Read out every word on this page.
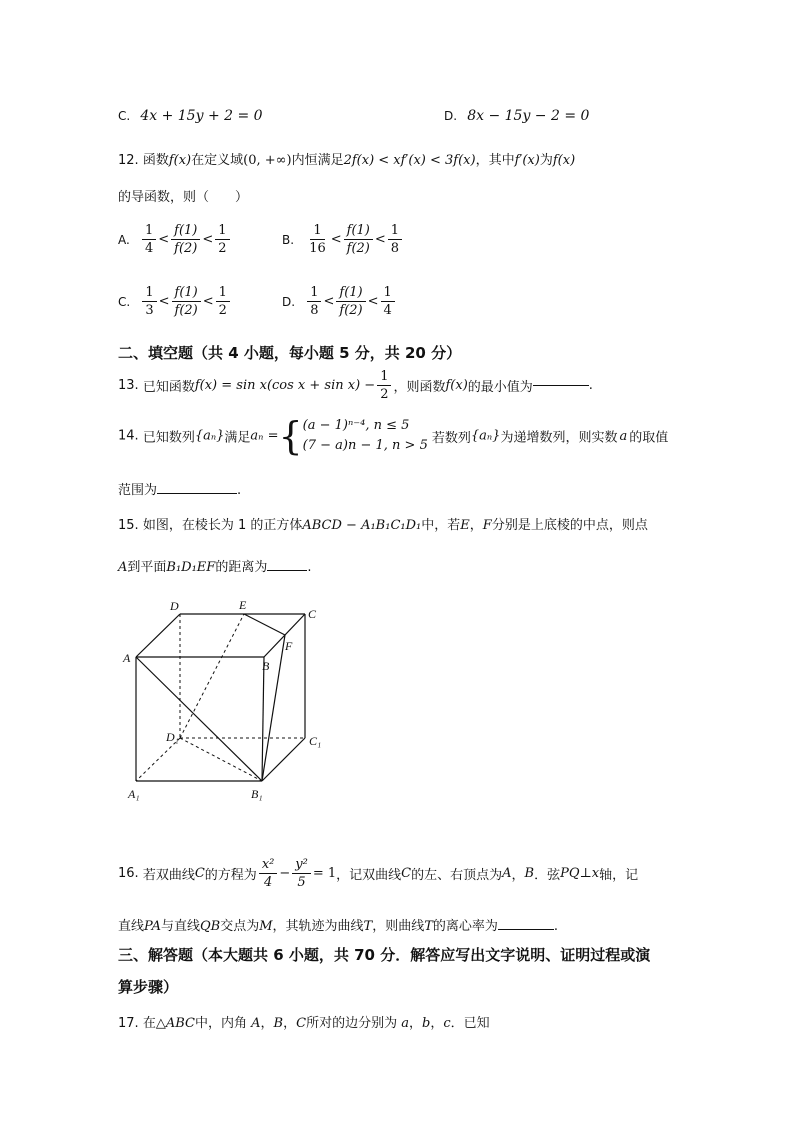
C. 4x + 15y + 2 = 0	D. 8x − 15y − 2 = 0
12. 函数f(x)在定义域(0, +∞)内恒满足2f(x) < xf′(x) < 3f(x)，其中f′(x)为f(x)
的导函数，则（　　）
A. $\frac{1}{4} < \frac{f(1)}{f(2)} < \frac{1}{2}$	B. $\frac{1}{16} < \frac{f(1)}{f(2)} < \frac{1}{8}$
C. $\frac{1}{3} < \frac{f(1)}{f(2)} < \frac{1}{2}$	D. $\frac{1}{8} < \frac{f(1)}{f(2)} < \frac{1}{4}$
二、填空题（共 4 小题，每小题 5 分，共 20 分）
13. 已知函数f(x) = sin x(cos $x + \sin x) - \frac{1}{2}$ ，则函数f(x)的最小值为	.
14. 已知数列{aₙ}满足aₙ ={ (a − 1)ⁿ⁻⁴, n ≤ 5
(7 − a)n − 1, n > 5 若数列{aₙ}为递增数列，则实数 a 的取值
范围为	.
15. 如图，在棱长为 1 的正方体ABCD − A₁B₁C₁D₁中，若E，F分别是上底棱的中点，则点
A到平面B₁D₁EF的距离为	.
D	E
C
F
A
B
D₁	C₁
A₁	B₁
16. 若双曲线C的方程为 $\frac{\text{x²}}{4} - \frac{\text{y²}}{5} = 1$，记双曲线C的左、右顶点为A，B．弦PQ⊥x轴，记
直线PA与直线QB交点为M，其轨迹为曲线T，则曲线T的离心率为	.
三、解答题（本大题共 6 小题，共 70 分．解答应写出文字说明、证明过程或演
算步骤）
17. 在△ABC中，内角 A，B，C所对的边分别为 a，b，c．已知
